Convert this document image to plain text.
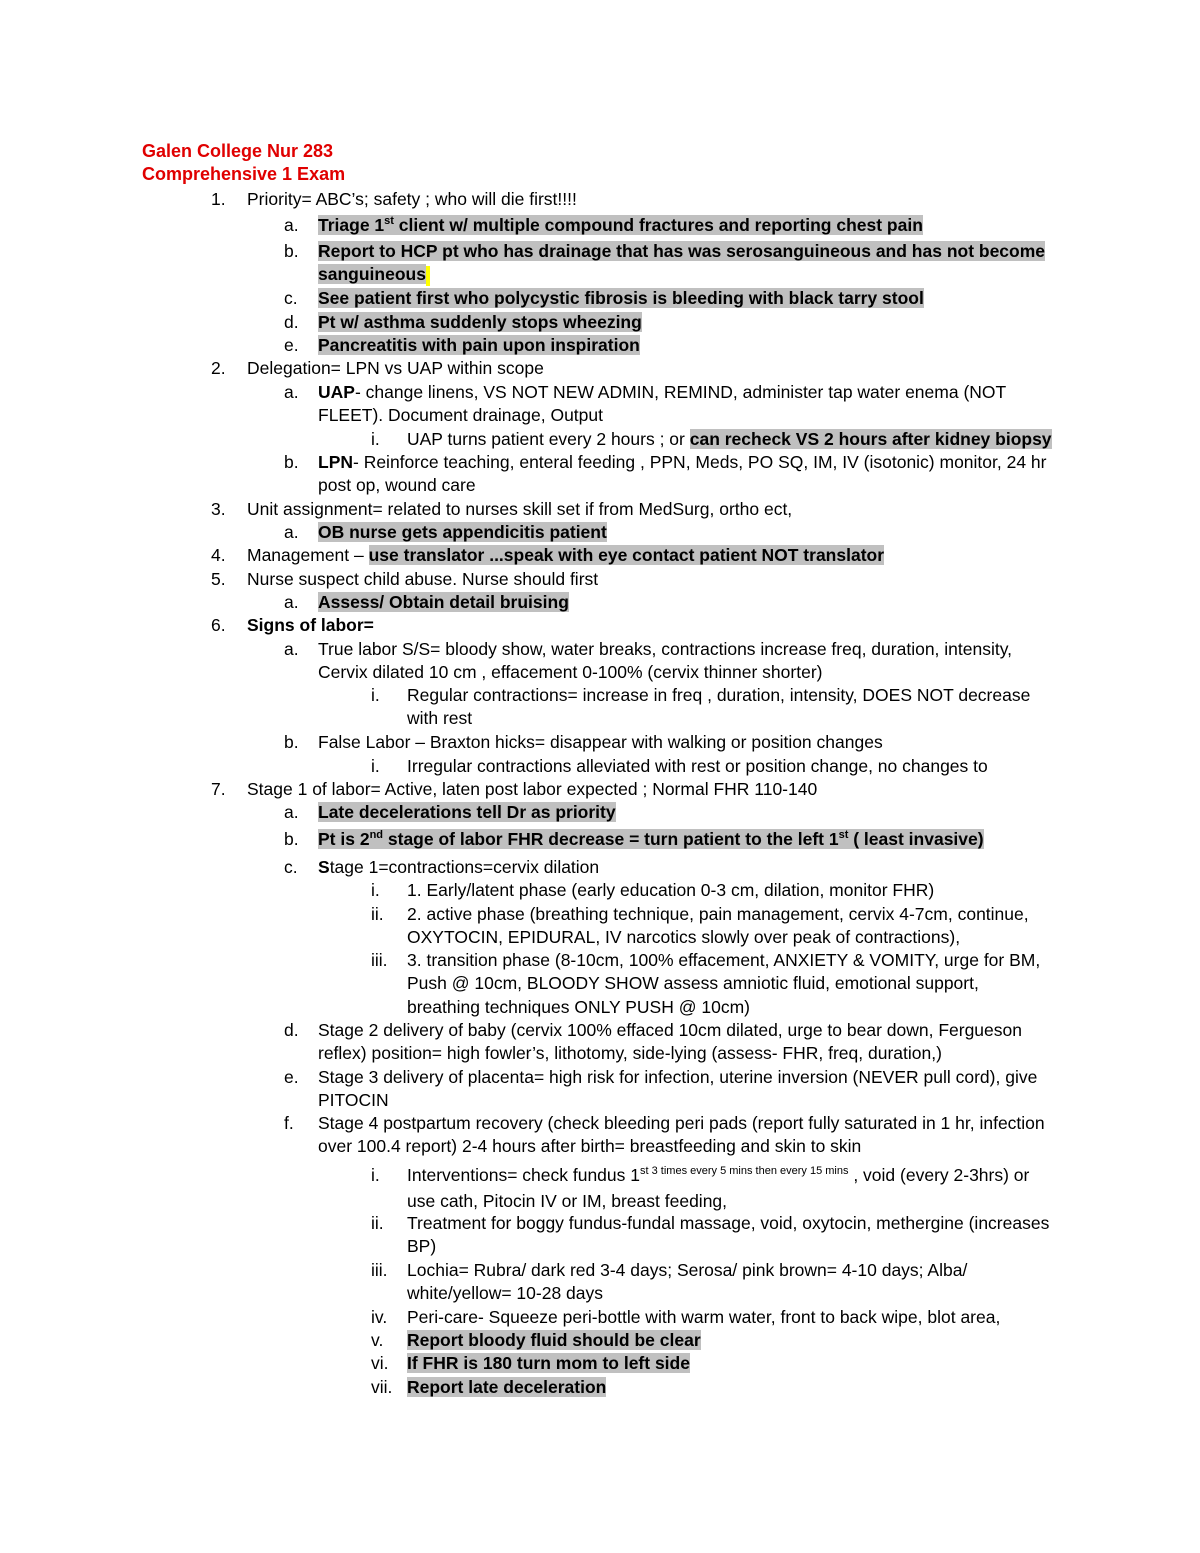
Galen College Nur 283
Comprehensive 1 Exam
1. Priority= ABC’s; safety ; who will die first!!!!
a. Triage 1st client w/ multiple compound fractures and reporting chest pain
b. Report to HCP pt who has drainage that has was serosanguineous and has not become
sanguineous
c. See patient first who polycystic fibrosis is bleeding with black tarry stool
d. Pt w/ asthma suddenly stops wheezing
e. Pancreatitis with pain upon inspiration
2. Delegation= LPN vs UAP within scope
a. UAP- change linens, VS NOT NEW ADMIN, REMIND, administer tap water enema (NOT FLEET). Document drainage, Output
i. UAP turns patient every 2 hours ; or can recheck VS 2 hours after kidney biopsy
b. LPN- Reinforce teaching, enteral feeding , PPN, Meds, PO SQ, IM, IV (isotonic) monitor, 24 hr post op, wound care
3. Unit assignment= related to nurses skill set if from MedSurg, ortho ect,
a. OB nurse gets appendicitis patient
4. Management – use translator ...speak with eye contact patient NOT translator
5. Nurse suspect child abuse. Nurse should first
a. Assess/ Obtain detail bruising
6. Signs of labor=
a. True labor S/S= bloody show, water breaks, contractions increase freq, duration, intensity, Cervix dilated 10 cm , effacement 0-100% (cervix thinner shorter)
i. Regular contractions= increase in freq , duration, intensity, DOES NOT decrease with rest
b. False Labor – Braxton hicks= disappear with walking or position changes
i. Irregular contractions alleviated with rest or position change, no changes to
7. Stage 1 of labor= Active, laten post labor expected ; Normal FHR 110-140
a. Late decelerations tell Dr as priority
b. Pt is 2nd stage of labor FHR decrease = turn patient to the left 1st ( least invasive)
c. Stage 1=contractions=cervix dilation
i. 1. Early/latent phase (early education 0-3 cm, dilation, monitor FHR)
ii. 2. active phase (breathing technique, pain management, cervix 4-7cm, continue, OXYTOCIN, EPIDURAL, IV narcotics slowly over peak of contractions),
iii. 3. transition phase (8-10cm, 100% effacement, ANXIETY & VOMITY, urge for BM, Push @ 10cm, BLOODY SHOW assess amniotic fluid, emotional support, breathing techniques ONLY PUSH @ 10cm)
d. Stage 2 delivery of baby (cervix 100% effaced 10cm dilated, urge to bear down, Fergueson reflex) position= high fowler’s, lithotomy, side-lying (assess- FHR, freq, duration,)
e. Stage 3 delivery of placenta= high risk for infection, uterine inversion (NEVER pull cord), give PITOCIN
f. Stage 4 postpartum recovery (check bleeding peri pads (report fully saturated in 1 hr, infection over 100.4 report) 2-4 hours after birth= breastfeeding and skin to skin
i. Interventions= check fundus $1^{st 3 times every 5 mins then every 15 mins}$ , void (every 2-3hrs) or use cath, Pitocin IV or IM, breast feeding,
ii. Treatment for boggy fundus-fundal massage, void, oxytocin, methergine (increases BP)
iii. Lochia= Rubra/ dark red 3-4 days; Serosa/ pink brown= 4-10 days; Alba/ white/yellow= 10-28 days
iv. Peri-care- Squeeze peri-bottle with warm water, front to back wipe, blot area,
v. Report bloody fluid should be clear
vi. If FHR is 180 turn mom to left side
vii. Report late deceleration
